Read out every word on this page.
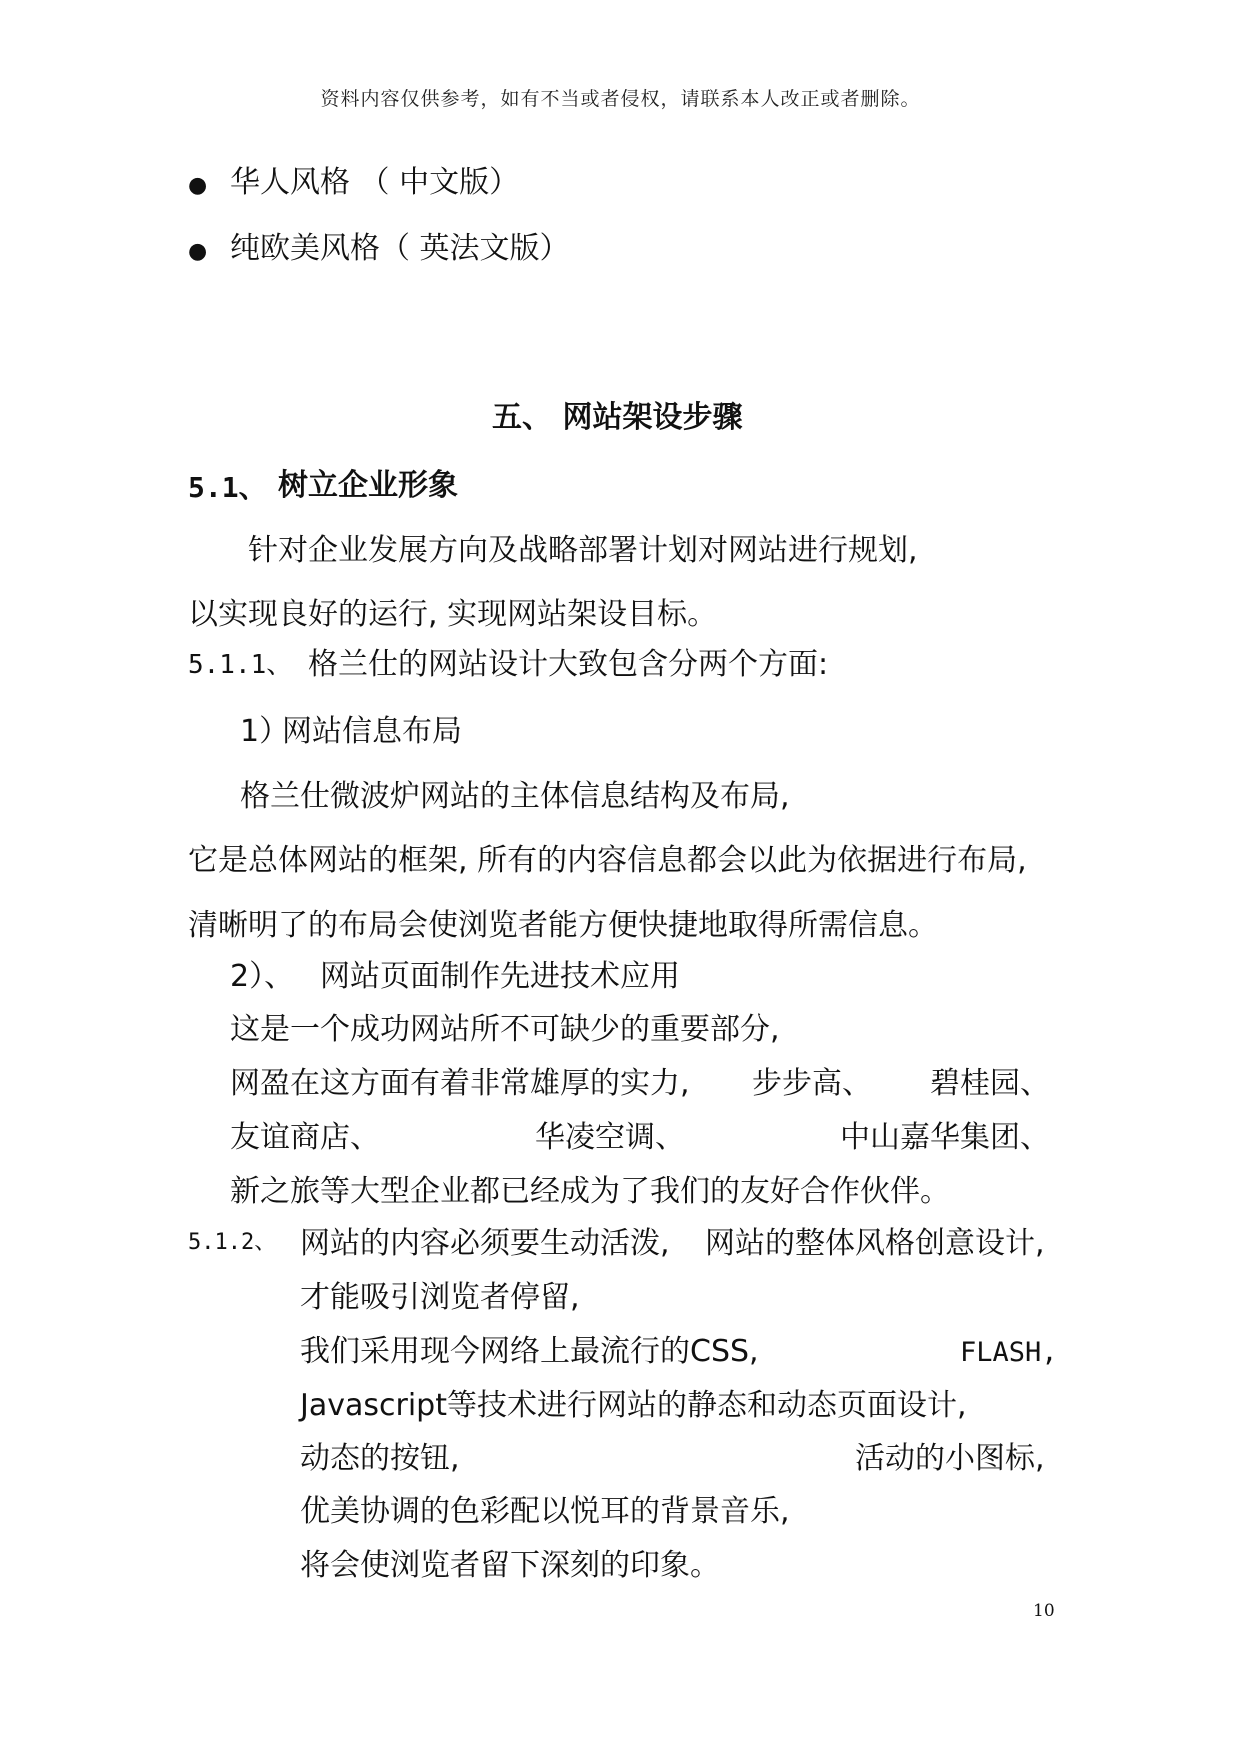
资料内容仅供参考，如有不当或者侵权，请联系本人改正或者删除。
● 华人风格 （ 中文版）
● 纯欧美风格（ 英法文版）
五、 网站架设步骤
5.1、 树立企业形象
针对企业发展方向及战略部署计划对网站进行规划,
以实现良好的运行, 实现网站架设目标。
5.1.1、 格兰仕的网站设计大致包含分两个方面:
1）
网站信息布局
格兰仕微波炉网站的主体信息结构及布局,
它是总体网站的框架, 所有的内容信息都会以此为依据进行布局,
清晰明了的布局会使浏览者能方便快捷地取得所需信息。
2）、 网站页面制作先进技术应用
这是一个成功网站所不可缺少的重要部分,
网盈在这方面有着非常雄厚的实力, 步步高、 碧桂园、
友谊商店、	华凌空调、	中山嘉华集团、
新之旅等大型企业都已经成为了我们的友好合作伙伴。
5.1.2、 网站的内容必须要生动活泼, 网站的整体风格创意设计,
才能吸引浏览者停留,
我们采用现今网络上最流行的CSS,	FLASH,
Javascript等技术进行网站的静态和动态页面设计,
动态的按钮,	活动的小图标,
优美协调的色彩配以悦耳的背景音乐,
将会使浏览者留下深刻的印象。
10
